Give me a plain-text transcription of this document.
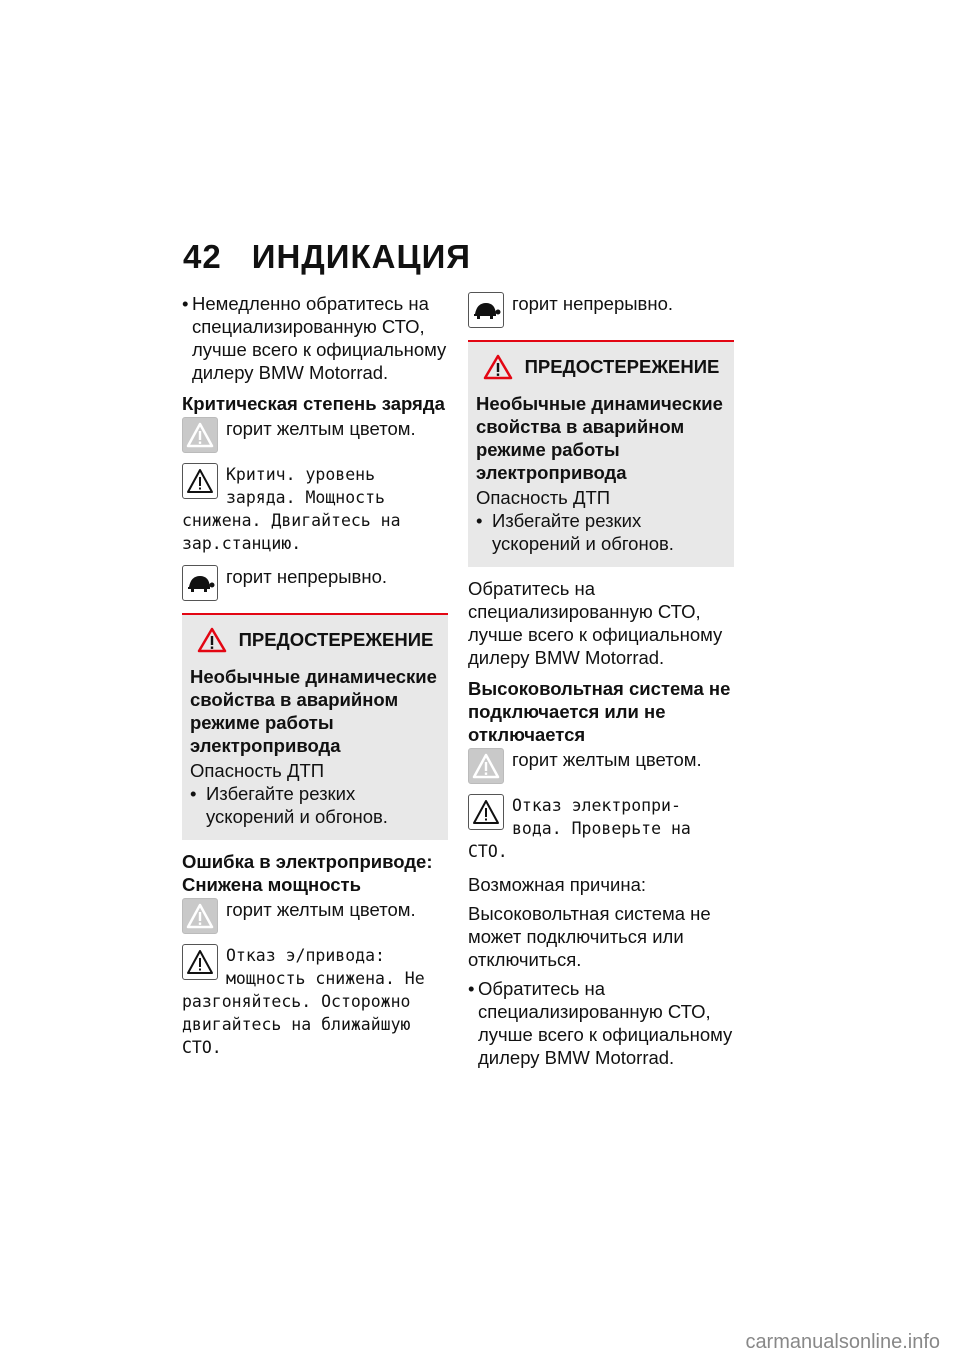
42 ИНДИКАЦИЯ
• Немедленно обратитесь на специализированную СТО, лучше всего к официальному дилеру BMW Motorrad.
Критическая степень заряда
горит желтым цветом.
Критич. уровень
заряда. Мощность
снижена. Двигайтесь на
зар.станцию.
горит непрерывно.
ПРЕДОСТЕРЕЖЕНИЕ
Необычные динамические свойства в аварийном режиме работы электропривода
Опасность ДТП
• Избегайте резких ускорений и обгонов.
Ошибка в электроприводе: Снижена мощность
горит желтым цветом.
Отказ э/привода:
мощность снижена. Не
разгоняйтесь. Осторожно
двигайтесь на ближайшую
СТО.
горит непрерывно.
ПРЕДОСТЕРЕЖЕНИЕ
Необычные динамические свойства в аварийном режиме работы электропривода
Опасность ДТП
• Избегайте резких ускорений и обгонов.
Обратитесь на специализированную СТО, лучше всего к официальному дилеру BMW Motorrad.
Высоковольтная система не подключается или не отключается
горит желтым цветом.
Отказ электропри-
вода. Проверьте на
СТО.
Возможная причина:
Высоковольтная система не может подключиться или отключиться.
• Обратитесь на специализированную СТО, лучше всего к официальному дилеру BMW Motorrad.
carmanualsonline.info
